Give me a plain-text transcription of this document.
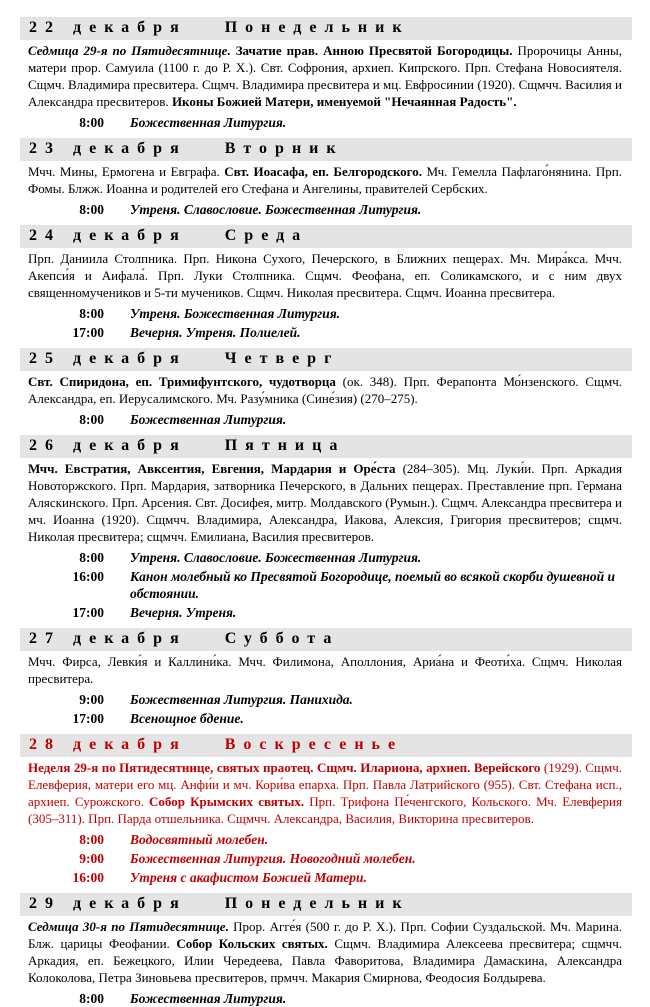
22 декабря Понедельник

Седмица 29-я по Пятидесятнице. Зачатие прав. Анною Пресвятой Богородицы. Пророчицы Анны, матери прор. Самуила (1100 г. до Р. Х.). Свт. Софрония, архиеп. Кипрского. Прп. Стефана Новосиятеля. Сщмч. Владимира пресвитера. Сщмч. Владимира пресвитера и мц. Евфросинии (1920). Сщмчч. Василия и Александра пресвитеров. Иконы Божией Матери, именуемой "Нечаянная Радость".

8:00 Божественная Литургия.
23 декабря Вторник

Мчч. Мины, Ермогена и Евграфа. Свт. Иоасафа, еп. Белгородского. Мч. Гемелла Пафлаго́нянина. Прп. Фомы. Блжж. Иоанна и родителей его Стефана и Ангелины, правителей Сербских.

8:00 Утреня. Славословие. Божественная Литургия.
24 декабря Среда

Прп. Даниила Столпника. Прп. Никона Сухого, Печерского, в Ближних пещерах. Мч. Мира́кса. Мчч. Акепси́я и Аифала́. Прп. Луки Столпника. Сщмч. Феофана, еп. Соликамского, и с ним двух священномучеников и 5-ти мучеников. Сщмч. Николая пресвитера. Сщмч. Иоанна пресвитера.

8:00 Утреня. Божественная Литургия.
17:00 Вечерня. Утреня. Полиелей.
25 декабря Четверг

Свт. Спиридона, еп. Тримифунтского, чудотворца (ок. 348). Прп. Ферапонта Мо́нзенского. Сщмч. Александра, еп. Иерусалимского. Мч. Разу́мника (Сине́зия) (270–275).

8:00 Божественная Литургия.
26 декабря Пятница

Мчч. Евстратия, Авксентия, Евгения, Мардария и Оре́ста (284–305). Мц. Луки́и. Прп. Аркадия Новоторжского. Прп. Мардария, затворника Печерского, в Дальних пещерах. Преставление прп. Германа Аляскинского. Прп. Арсения. Свт. Досифея, митр. Молдавского (Румын.). Сщмч. Александра пресвитера и мч. Иоанна (1920). Сщмчч. Владимира, Александра, Иакова, Алексия, Григория пресвитеров; сщмч. Николая пресвитера; сщмчч. Емилиана, Василия пресвитеров.

8:00 Утреня. Славословие. Божественная Литургия.
16:00 Канон молебный ко Пресвятой Богородице, поемый во всякой скорби душевной и обстоянии.
17:00 Вечерня. Утреня.
27 декабря Суббота

Мчч. Фирса, Левки́я и Каллини́ка. Мчч. Филимона, Аполлония, Ариа́на и Феоти́ха. Сщмч. Николая пресвитера.

9:00 Божественная Литургия. Панихида.
17:00 Всенощное бдение.
28 декабря Воскресенье

Неделя 29-я по Пятидесятнице, святых праотец. Сщмч. Илариона, архиеп. Верейского (1929). Сщмч. Елевферия, матери его мц. Анфи́и и мч. Кори́ва епарха. Прп. Павла Латрийского (955). Свт. Стефана исп., архиеп. Сурожского. Собор Крымских святых. Прп. Трифона Пе́ченгского, Кольского. Мч. Елевферия (305–311). Прп. Парда отшельника. Сщмчч. Александра, Василия, Викторина пресвитеров.

8:00 Водосвятный молебен.
9:00 Божественная Литургия. Новогодний молебен.
16:00 Утреня с акафистом Божией Матери.
29 декабря Понедельник

Седмица 30-я по Пятидесятнице. Прор. Агге́я (500 г. до Р. Х.). Прп. Софии Суздальской. Мч. Марина. Блж. царицы Феофании. Собор Кольских святых. Сщмч. Владимира Алексеева пресвитера; сщмчч. Аркадия, еп. Бежецкого, Илии Чередеева, Павла Фаворитова, Владимира Дамаскина, Александра Колоколова, Петра Зиновьева пресвитеров, прмчч. Макария Смирнова, Феодосия Болдырева.

8:00 Божественная Литургия.
